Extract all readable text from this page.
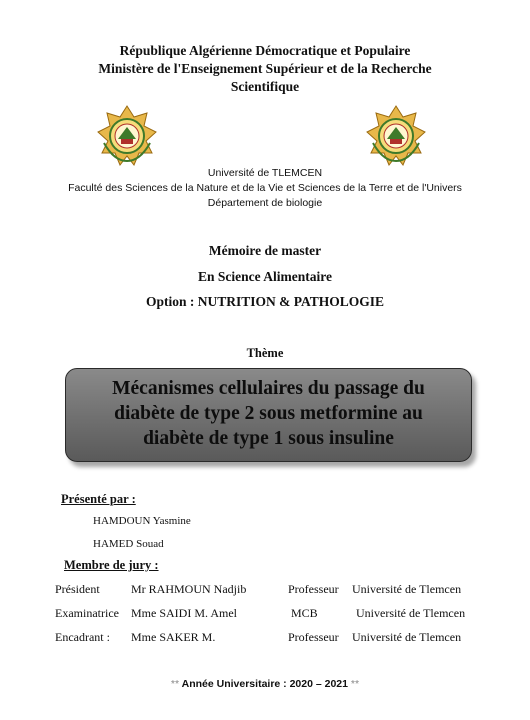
République Algérienne Démocratique et Populaire
Ministère de l'Enseignement Supérieur et de la Recherche
Scientifique
Université de TLEMCEN
Faculté des Sciences de la Nature et de la Vie et Sciences de la Terre et de l'Univers
Département de biologie
Mémoire de master
En Science Alimentaire
Option : NUTRITION & PATHOLOGIE
Thème
Mécanismes cellulaires du passage du
diabète de type 2 sous metformine au
diabète de type 1 sous insuline
Présenté par :
HAMDOUN Yasmine
HAMED Souad
Membre de jury :
Président	Mr RAHMOUN Nadjib	Professeur Université de Tlemcen
Examinatrice Mme SAIDI M. Amel	MCB	Université de Tlemcen
Encadrant : Mme SAKER M.	Professeur Université de Tlemcen
** Année Universitaire : 2020 – 2021 **
